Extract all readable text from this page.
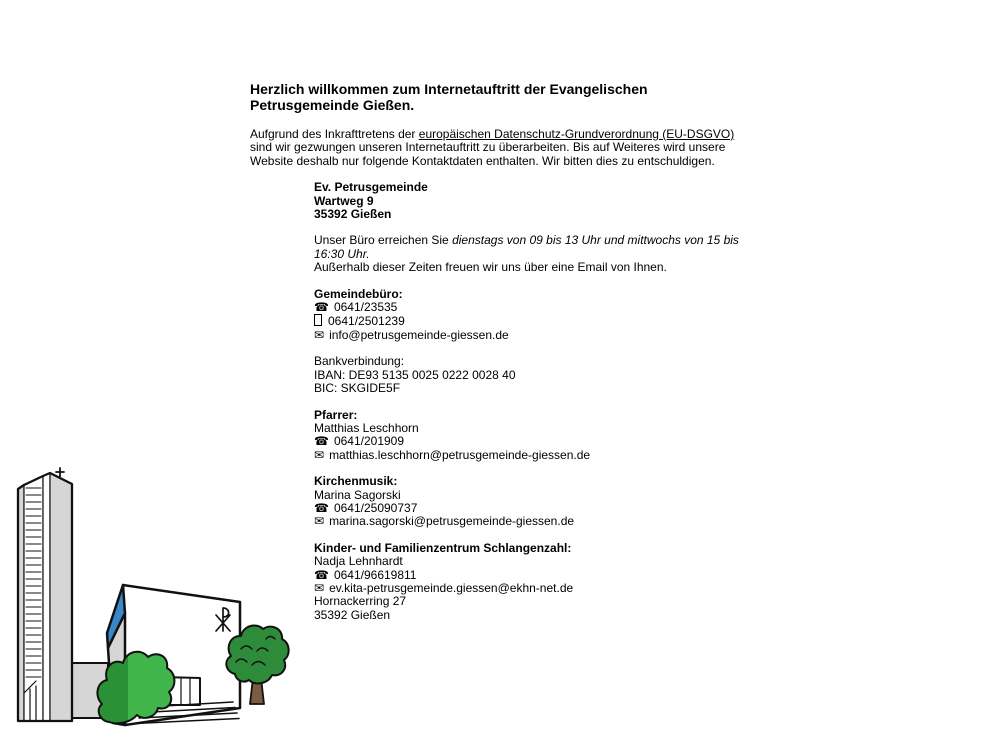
Herzlich willkommen zum Internetauftritt der Evangelischen Petrusgemeinde Gießen.

Aufgrund des Inkrafttretens der europäischen Datenschutz-Grundverordnung (EU-DSGVO) sind wir gezwungen unseren Internetauftritt zu überarbeiten. Bis auf Weiteres wird unsere Website deshalb nur folgende Kontaktdaten enthalten. Wir bitten dies zu entschuldigen.

Ev. Petrusgemeinde
Wartweg 9
35392 Gießen

Unser Büro erreichen Sie dienstags von 09 bis 13 Uhr und mittwochs von 15 bis 16:30 Uhr.
Außerhalb dieser Zeiten freuen wir uns über eine Email von Ihnen.

Gemeindebüro:
☎ 0641/23535
0641/2501239
✉ info@petrusgemeinde-giessen.de

Bankverbindung:
IBAN: DE93 5135 0025 0222 0028 40
BIC: SKGIDE5F

Pfarrer:
Matthias Leschhorn
☎ 0641/201909
✉ matthias.leschhorn@petrusgemeinde-giessen.de

Kirchenmusik:
Marina Sagorski
☎ 0641/25090737
✉ marina.sagorski@petrusgemeinde-giessen.de

Kinder- und Familienzentrum Schlangenzahl:
Nadja Lehnhardt
☎ 0641/96619811
✉ ev.kita-petrusgemeinde.giessen@ekhn-net.de
Hornackerring 27
35392 Gießen
